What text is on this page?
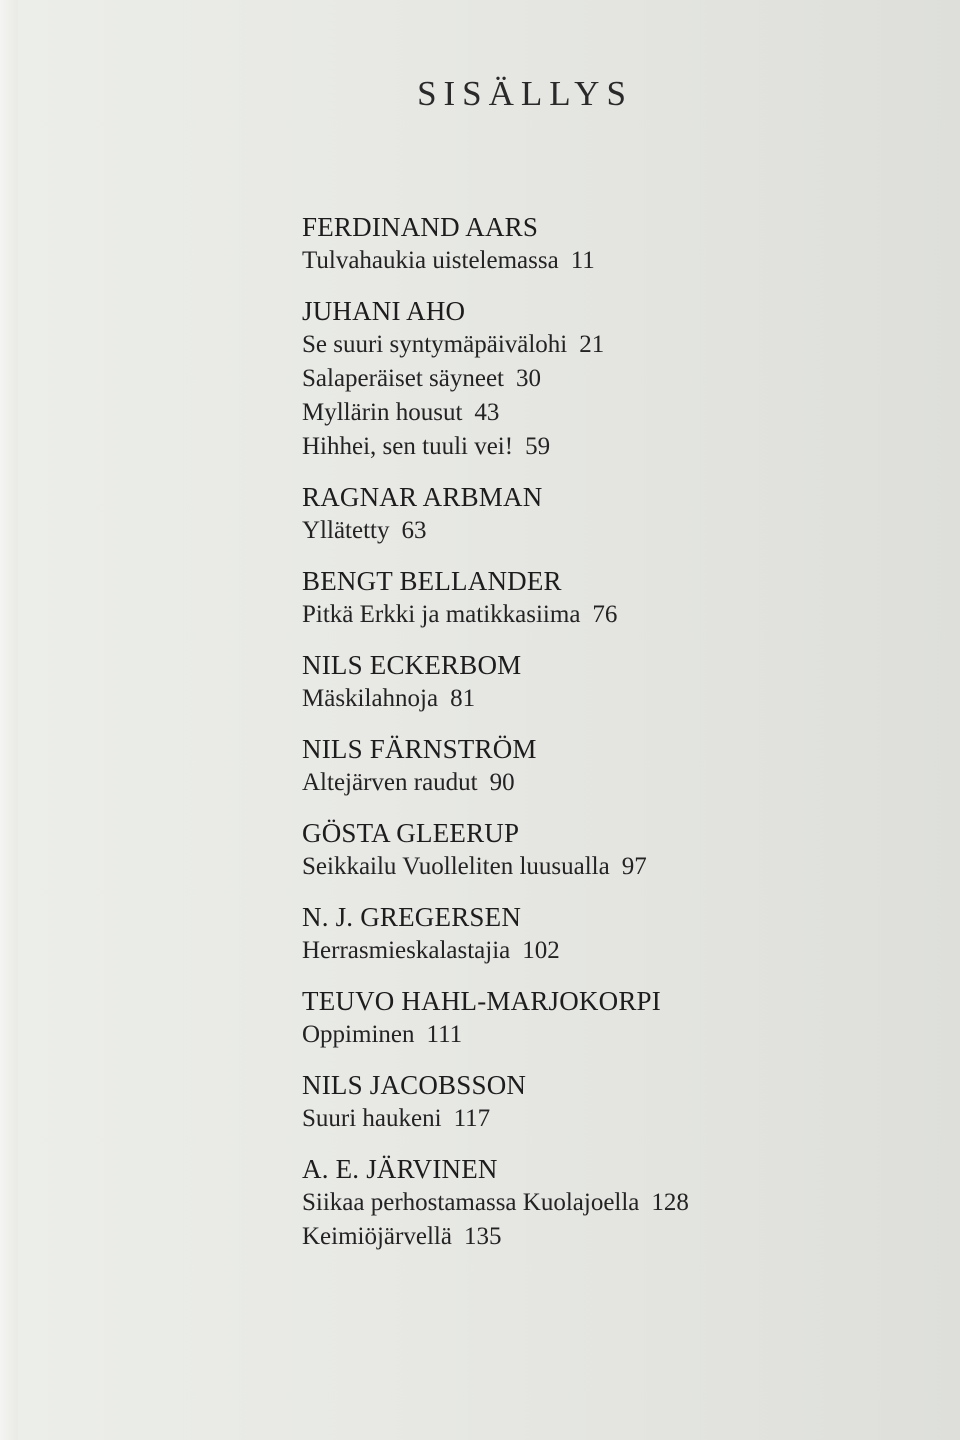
SISÄLLYS
FERDINAND AARS
Tulvahaukia uistelemassa 11
JUHANI AHO
Se suuri syntymäpäivälohi 21
Salaperäiset säyneet 30
Myllärin housut 43
Hihhei, sen tuuli vei! 59
RAGNAR ARBMAN
Yllätetty 63
BENGT BELLANDER
Pitkä Erkki ja matikkasiima 76
NILS ECKERBOM
Mäskilahnoja 81
NILS FÄRNSTRÖM
Altejärven raudut 90
GÖSTA GLEERUP
Seikkailu Vuolleliten luusualla 97
N. J. GREGERSEN
Herrasmieskalastajia 102
TEUVO HAHL-MARJOKORPI
Oppiminen 111
NILS JACOBSSON
Suuri haukeni 117
A. E. JÄRVINEN
Siikaa perhostamassa Kuolajoella 128
Keimiöjärvellä 135
